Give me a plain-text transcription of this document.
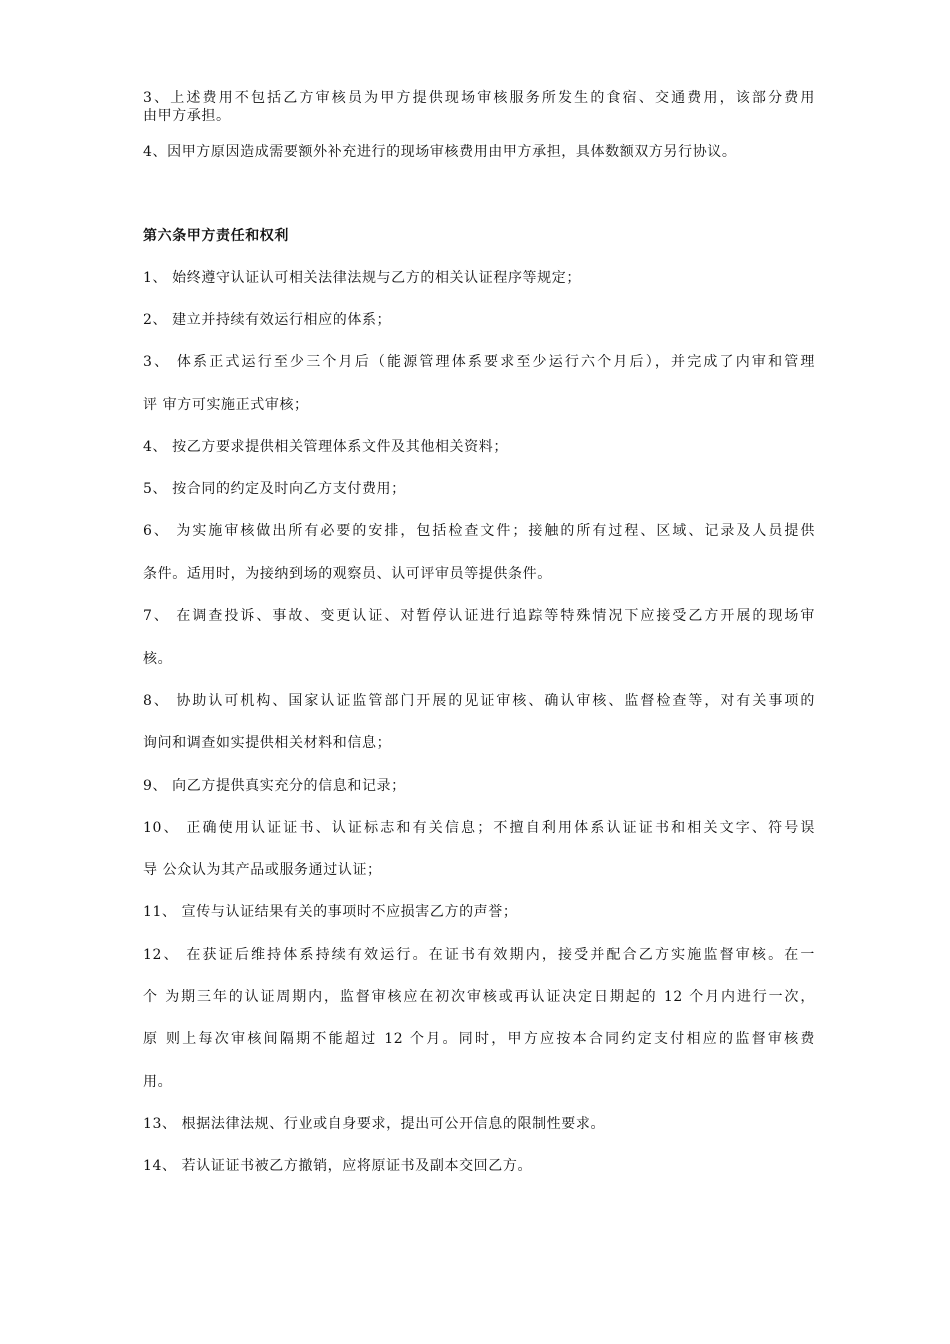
3、上述费用不包括乙方审核员为甲方提供现场审核服务所发生的食宿、交通费用，该部分费用
由甲方承担。
4、因甲方原因造成需要额外补充进行的现场审核费用由甲方承担，具体数额双方另行协议。
第六条甲方责任和权利
1、 始终遵守认证认可相关法律法规与乙方的相关认证程序等规定；
2、 建立并持续有效运行相应的体系；
3、 体系正式运行至少三个月后（能源管理体系要求至少运行六个月后），并完成了内审和管理
评 审方可实施正式审核；
4、 按乙方要求提供相关管理体系文件及其他相关资料；
5、 按合同的约定及时向乙方支付费用；
6、 为实施审核做出所有必要的安排，包括检查文件；接触的所有过程、区域、记录及人员提供
条件。适用时，为接纳到场的观察员、认可评审员等提供条件。
7、 在调查投诉、事故、变更认证、对暂停认证进行追踪等特殊情况下应接受乙方开展的现场审
核。
8、 协助认可机构、国家认证监管部门开展的见证审核、确认审核、监督检查等，对有关事项的
询问和调查如实提供相关材料和信息；
9、 向乙方提供真实充分的信息和记录；
10、 正确使用认证证书、认证标志和有关信息；不擅自利用体系认证证书和相关文字、符号误
导 公众认为其产品或服务通过认证；
11、 宣传与认证结果有关的事项时不应损害乙方的声誉；
12、 在获证后维持体系持续有效运行。在证书有效期内，接受并配合乙方实施监督审核。在一
个 为期三年的认证周期内，监督审核应在初次审核或再认证决定日期起的 12 个月内进行一次，
原 则上每次审核间隔期不能超过 12 个月。同时，甲方应按本合同约定支付相应的监督审核费
用。
13、 根据法律法规、行业或自身要求，提出可公开信息的限制性要求。
14、 若认证证书被乙方撤销，应将原证书及副本交回乙方。
